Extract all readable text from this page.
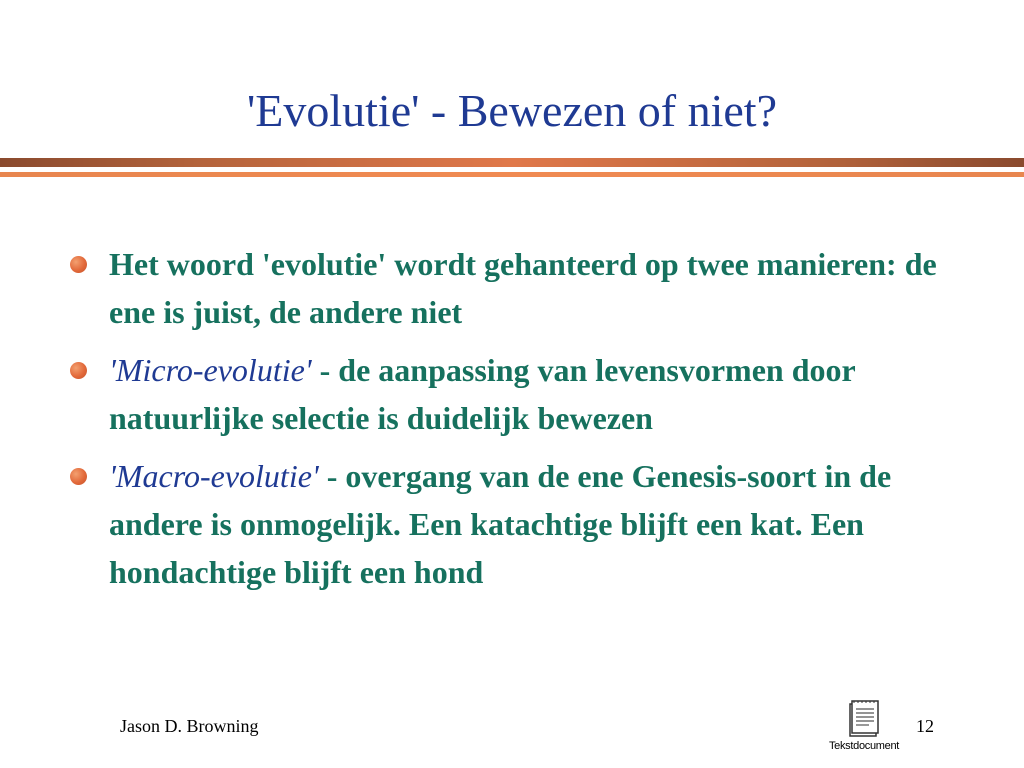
'Evolutie' - Bewezen of niet?
Het woord 'evolutie' wordt gehanteerd op twee manieren: de ene is juist, de andere niet
'Micro-evolutie' - de aanpassing van levensvormen door natuurlijke selectie is duidelijk bewezen
'Macro-evolutie' - overgang van de ene Genesis-soort in de andere is onmogelijk. Een katachtige blijft een kat. Een hondachtige blijft een hond
Jason D. Browning
Tekstdocument
12
